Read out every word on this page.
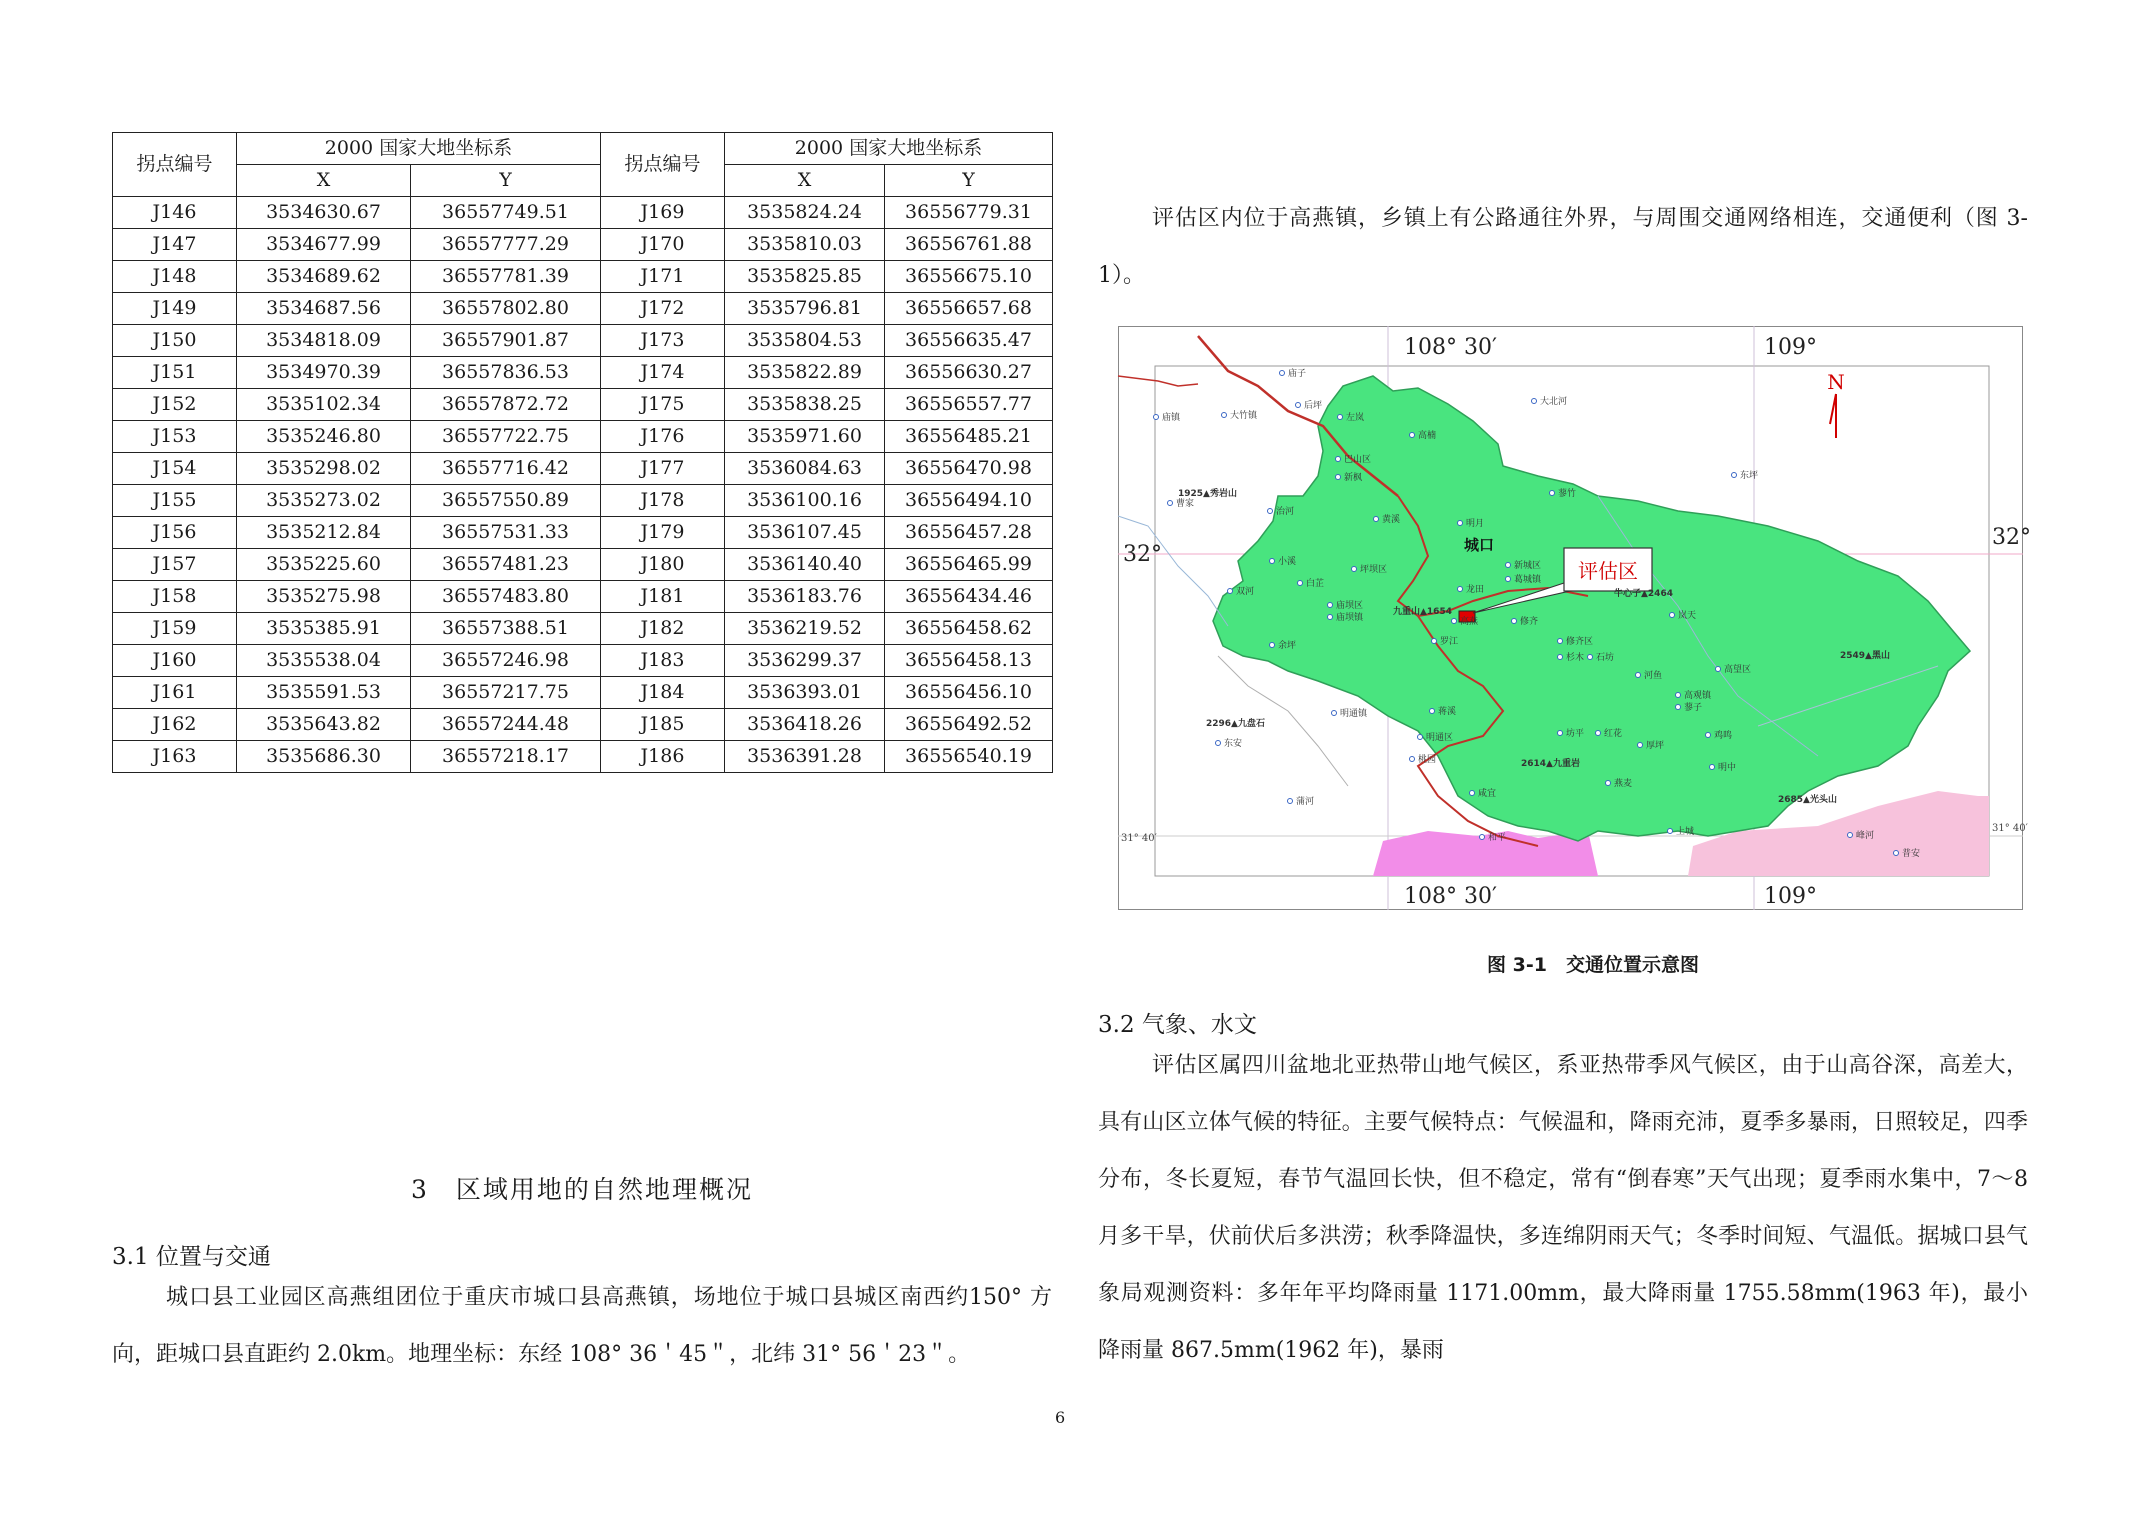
拐点编号	2000 国家大地坐标系		拐点编号	2000 国家大地坐标系	
	X	Y		X	Y
J146	3534630.67	36557749.51	J169	3535824.24	36556779.31
J147	3534677.99	36557777.29	J170	3535810.03	36556761.88
J148	3534689.62	36557781.39	J171	3535825.85	36556675.10
J149	3534687.56	36557802.80	J172	3535796.81	36556657.68
J150	3534818.09	36557901.87	J173	3535804.53	36556635.47
J151	3534970.39	36557836.53	J174	3535822.89	36556630.27
J152	3535102.34	36557872.72	J175	3535838.25	36556557.77
J153	3535246.80	36557722.75	J176	3535971.60	36556485.21
J154	3535298.02	36557716.42	J177	3536084.63	36556470.98
J155	3535273.02	36557550.89	J178	3536100.16	36556494.10
J156	3535212.84	36557531.33	J179	3536107.45	36556457.28
J157	3535225.60	36557481.23	J180	3536140.40	36556465.99
J158	3535275.98	36557483.80	J181	3536183.76	36556434.46
J159	3535385.91	36557388.51	J182	3536219.52	36556458.62
J160	3535538.04	36557246.98	J183	3536299.37	36556458.13
J161	3535591.53	36557217.75	J184	3536393.01	36556456.10
J162	3535643.82	36557244.48	J185	3536418.26	36556492.52
J163	3535686.30	36557218.17	J186	3536391.28	36556540.19
3　区域用地的自然地理概况
3.1 位置与交通

城口县工业园区高燕组团位于重庆市城口县高燕镇，场地位于城口县城区南西约150° 方向，距城口县直距约 2.0km。地理坐标：东经 108° 36＇45＂，北纬 31° 56＇23＂。

评估区内位于高燕镇，乡镇上有公路通往外界，与周围交通网络相连，交通便利（图 3-1）。

评估区
N
108° 30′	109°
108° 30′	109°
32°
32°
31° 40′
31° 40′
城口
1925▲秀岩山
九重山▲1654
牛心子▲2464
2549▲黑山
2296▲九盘石
2614▲九重岩
2685▲光头山
庙子
后坪
左岚
高楠
巴山区
新枫
大北河
东坪
蓼竹
庙镇	大竹镇
曹家
治河
黄溪	明月
新城区
葛城镇
小溪
坪坝区
白芷
双河	龙田
高燕	修齐
岚天
庙坝区
庙坝镇
余坪	罗江	修齐区
杉木 石坊
河鱼
高望区
高观镇
蓼子
蒋溪
明通镇
明通区
桃园
坊平 红花
厚坪
鸡鸣
明中
咸宜
燕麦
和平
上城	峰河
普安
东安
蒲河
图 3-1　交通位置示意图
3.2 气象、水文

评估区属四川盆地北亚热带山地气候区，系亚热带季风气候区，由于山高谷深，高差大，具有山区立体气候的特征。主要气候特点：气候温和，降雨充沛，夏季多暴雨，日照较足，四季分布，冬长夏短，春节气温回长快，但不稳定，常有“倒春寒”天气出现；夏季雨水集中，7～8 月多干旱，伏前伏后多洪涝；秋季降温快，多连绵阴雨天气；冬季时间短、气温低。据城口县气象局观测资料：多年年平均降雨量 1171.00mm，最大降雨量 1755.58mm(1963 年)，最小降雨量 867.5mm(1962 年)，暴雨

6
